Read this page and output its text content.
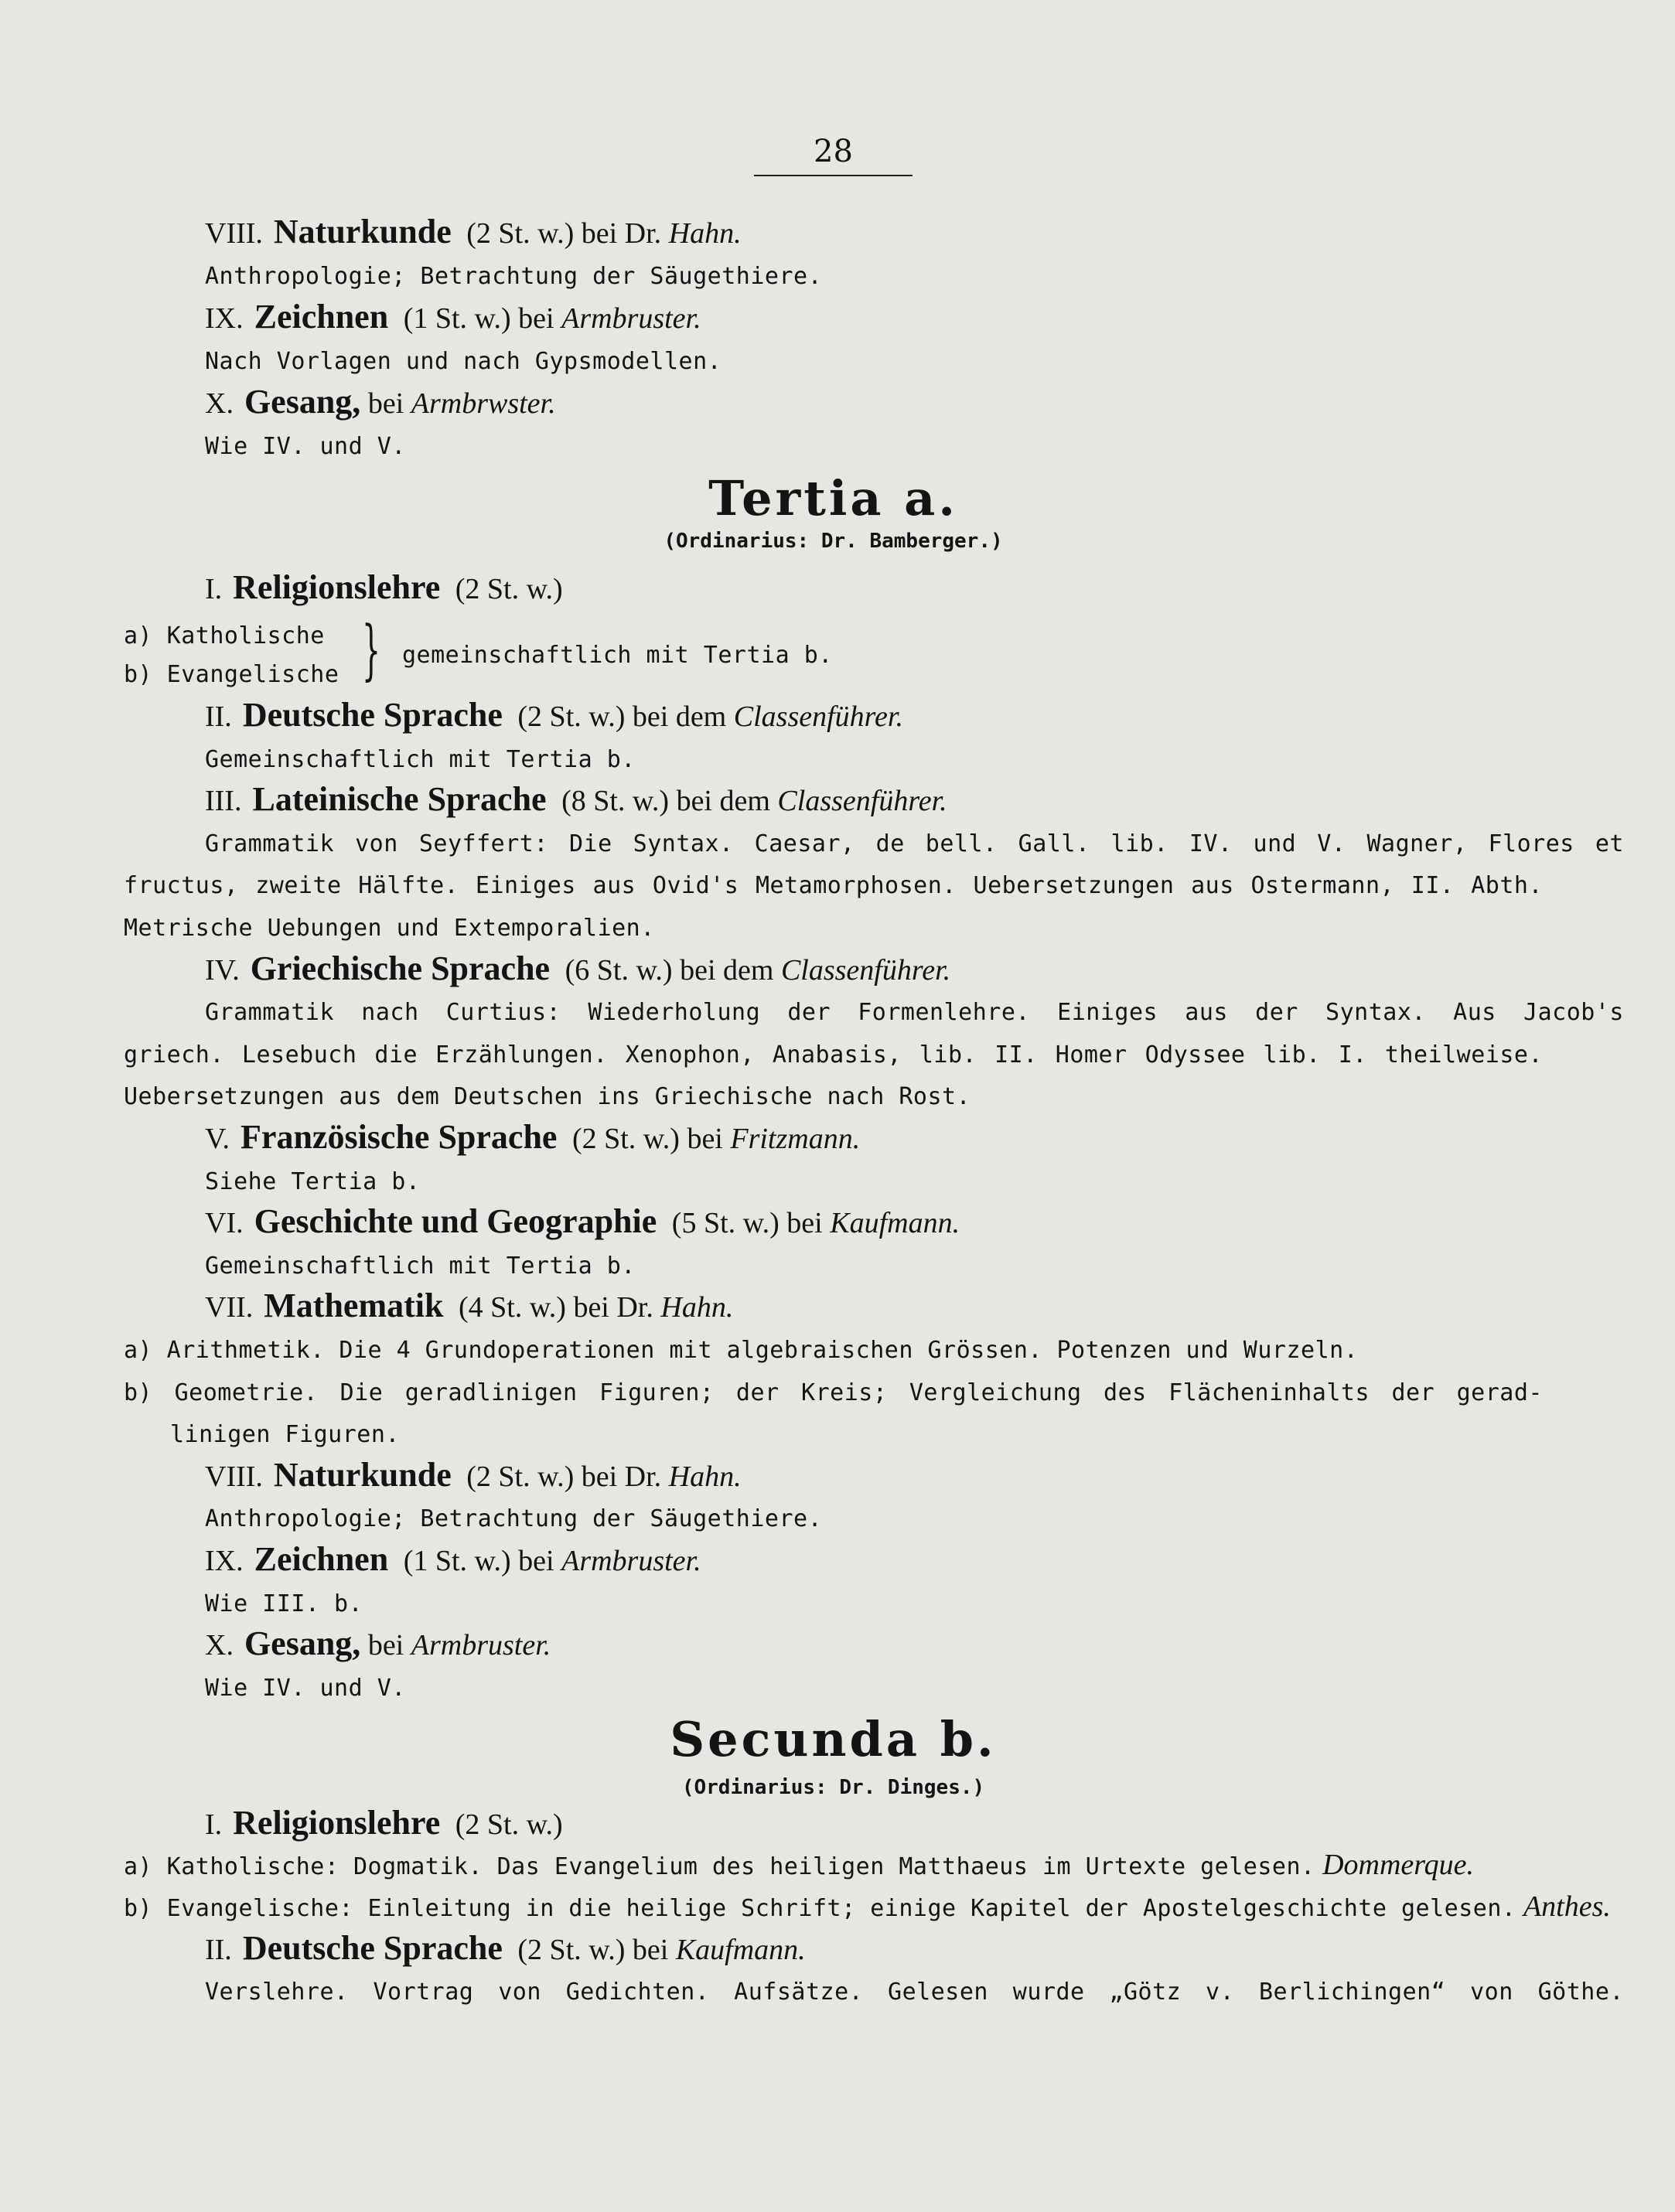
28
VIII. Naturkunde (2 St. w.) bei Dr. Hahn.
Anthropologie; Betrachtung der Säugethiere.
IX. Zeichnen (1 St. w.) bei Armbruster.
Nach Vorlagen und nach Gypsmodellen.
X. Gesang, bei Armbrwster.
Wie IV. und V.
Tertia a.
(Ordinarius: Dr. Bamberger.)
I. Religionslehre (2 St. w.)
a) Katholische
b) Evangelische } gemeinschaftlich mit Tertia b.
II. Deutsche Sprache (2 St. w.) bei dem Classenführer.
Gemeinschaftlich mit Tertia b.
III. Lateinische Sprache (8 St. w.) bei dem Classenführer.
Grammatik von Seyffert: Die Syntax. Caesar, de bell. Gall. lib. IV. und V. Wagner, Flores et
fructus, zweite Hälfte. Einiges aus Ovid's Metamorphosen. Uebersetzungen aus Ostermann, II. Abth.
Metrische Uebungen und Extemporalien.
IV. Griechische Sprache (6 St. w.) bei dem Classenführer.
Grammatik nach Curtius: Wiederholung der Formenlehre. Einiges aus der Syntax. Aus Jacob's
griech. Lesebuch die Erzählungen. Xenophon, Anabasis, lib. II. Homer Odyssee lib. I. theilweise.
Uebersetzungen aus dem Deutschen ins Griechische nach Rost.
V. Französische Sprache (2 St. w.) bei Fritzmann.
Siehe Tertia b.
VI. Geschichte und Geographie (5 St. w.) bei Kaufmann.
Gemeinschaftlich mit Tertia b.
VII. Mathematik (4 St. w.) bei Dr. Hahn.
a) Arithmetik. Die 4 Grundoperationen mit algebraischen Grössen. Potenzen und Wurzeln.
b) Geometrie. Die geradlinigen Figuren; der Kreis; Vergleichung des Flächeninhalts der gerad-
linigen Figuren.
VIII. Naturkunde (2 St. w.) bei Dr. Hahn.
Anthropologie; Betrachtung der Säugethiere.
IX. Zeichnen (1 St. w.) bei Armbruster.
Wie III. b.
X. Gesang, bei Armbruster.
Wie IV. und V.
Secunda b.
(Ordinarius: Dr. Dinges.)
I. Religionslehre (2 St. w.)
a) Katholische: Dogmatik. Das Evangelium des heiligen Matthaeus im Urtexte gelesen. Dommerque.
b) Evangelische: Einleitung in die heilige Schrift; einige Kapitel der Apostelgeschichte gelesen. Anthes.
II. Deutsche Sprache (2 St. w.) bei Kaufmann.
Verslehre. Vortrag von Gedichten. Aufsätze. Gelesen wurde „Götz v. Berlichingen“ von Göthe.
